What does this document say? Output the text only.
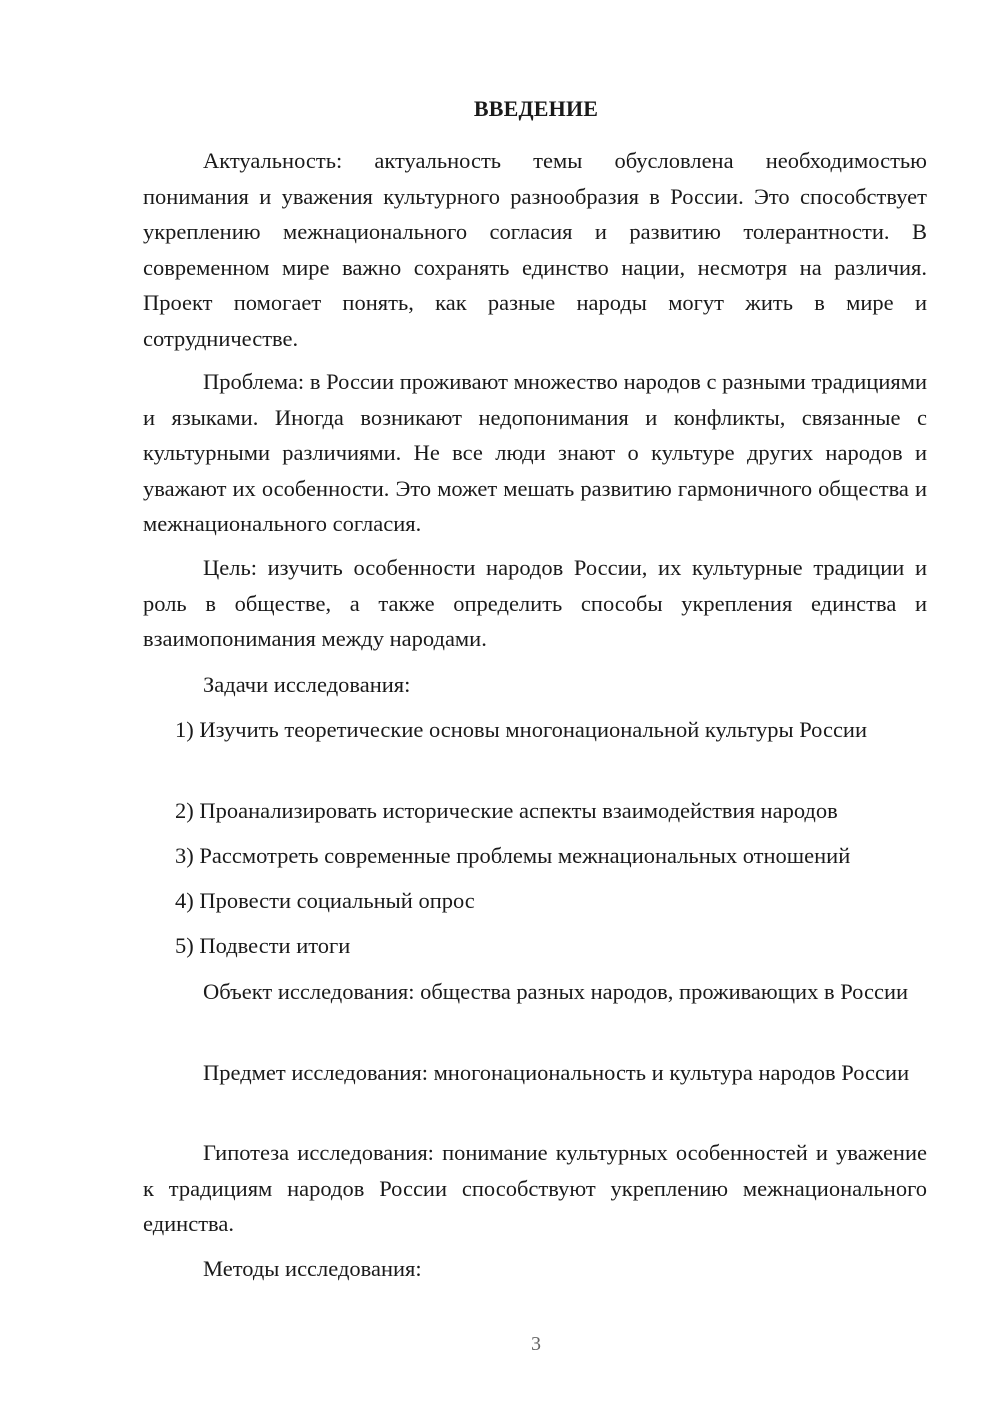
ВВЕДЕНИЕ

Актуальность: актуальность темы обусловлена необходимостью понимания и уважения культурного разнообразия в России. Это способствует укреплению межнационального согласия и развитию толерантности. В современном мире важно сохранять единство нации, несмотря на различия. Проект помогает понять, как разные народы могут жить в мире и сотрудничестве.

Проблема: в России проживают множество народов с разными традициями и языками. Иногда возникают недопонимания и конфликты, связанные с культурными различиями. Не все люди знают о культуре других народов и уважают их особенности. Это может мешать развитию гармоничного общества и межнационального согласия.

Цель: изучить особенности народов России, их культурные традиции и роль в обществе, а также определить способы укрепления единства и взаимопонимания между народами.

Задачи исследования:

1) Изучить теоретические основы многонациональной культуры России

2) Проанализировать исторические аспекты взаимодействия народов

3) Рассмотреть современные проблемы межнациональных отношений

4) Провести социальный опрос

5) Подвести итоги

Объект исследования: общества разных народов, проживающих в России

Предмет исследования: многонациональность и культура народов России

Гипотеза исследования: понимание культурных особенностей и уважение к традициям народов России способствуют укреплению межнационального единства.

Методы исследования:

3
